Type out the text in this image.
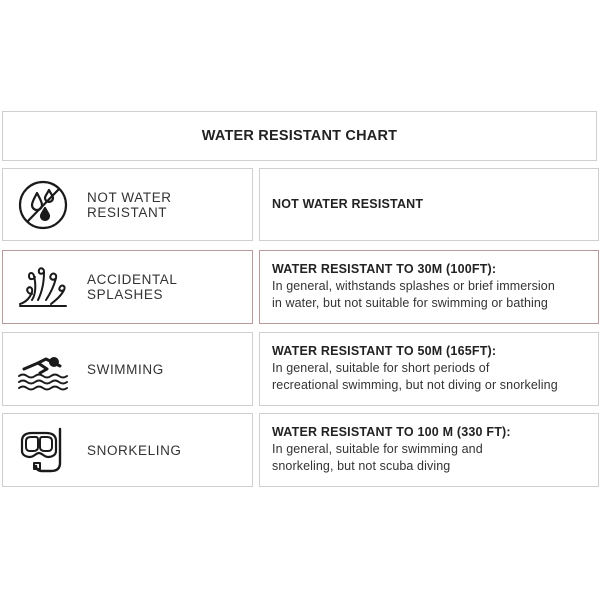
WATER RESISTANT CHART
NOT WATER RESISTANT
NOT WATER RESISTANT
ACCIDENTAL SPLASHES
WATER RESISTANT TO 30M (100FT):
In general, withstands splashes or brief immersion
in water, but not suitable for swimming or bathing
SWIMMING
WATER RESISTANT TO 50M (165FT):
In general, suitable for short periods of
recreational swimming, but not diving or snorkeling
SNORKELING
WATER RESISTANT TO 100 M (330 FT):
In general, suitable for swimming and
snorkeling, but not scuba diving
